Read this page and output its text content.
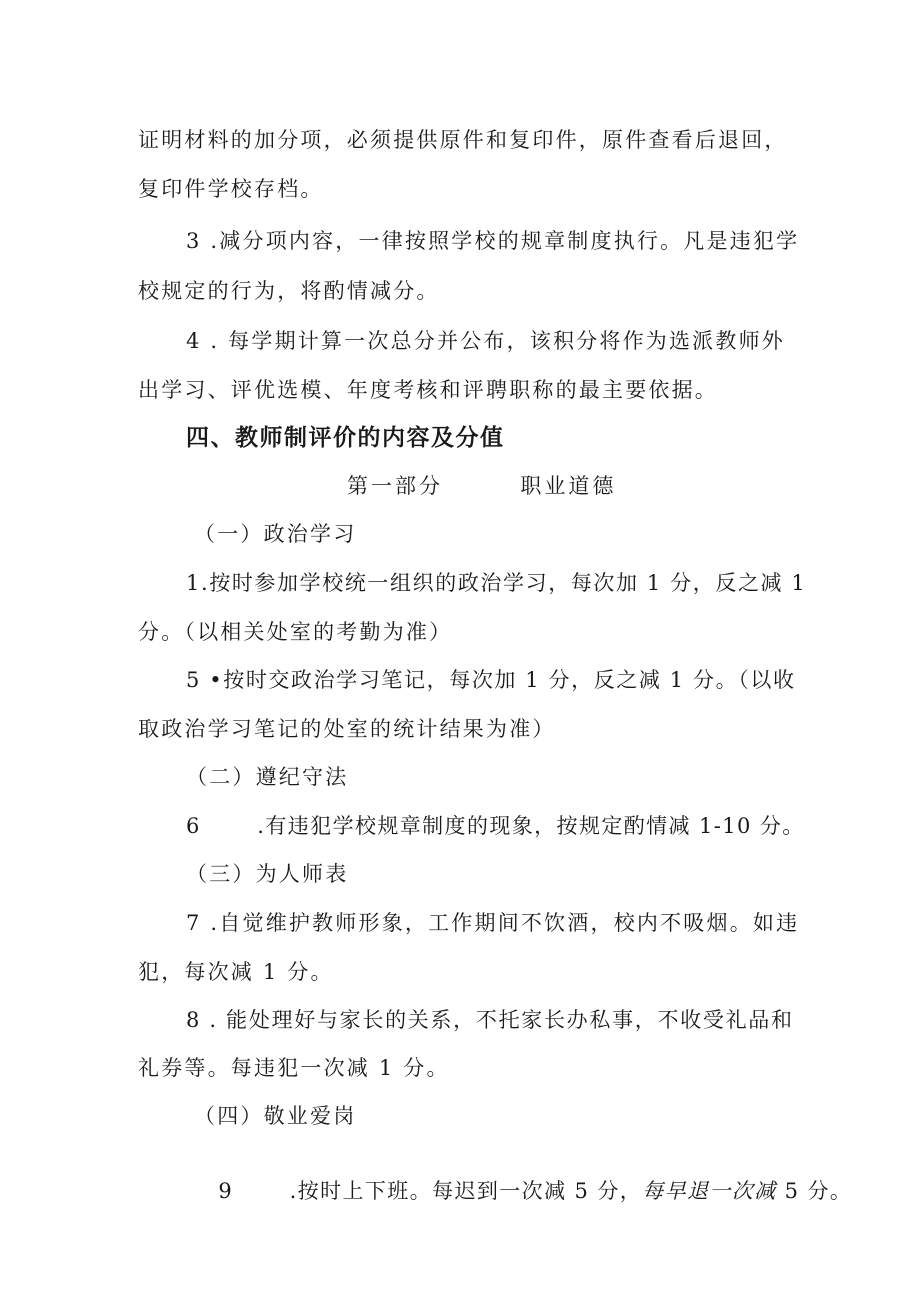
证明材料的加分项，必须提供原件和复印件，原件查看后退回，
复印件学校存档。
3 .减分项内容，一律按照学校的规章制度执行。凡是违犯学
校规定的行为，将酌情减分。
4 . 每学期计算一次总分并公布，该积分将作为选派教师外
出学习、评优选模、年度考核和评聘职称的最主要依据。
四、教师制评价的内容及分值
第一部分        职业道德
（一）政治学习
1.按时参加学校统一组织的政治学习，每次加 1 分，反之减 1
分。（以相关处室的考勤为准）
5 •按时交政治学习笔记，每次加 1 分，反之减 1 分。（以收
取政治学习笔记的处室的统计结果为准）
（二）遵纪守法
6       .有违犯学校规章制度的现象，按规定酌情减 1-10 分。
（三）为人师表
7 .自觉维护教师形象，工作期间不饮酒，校内不吸烟。如违
犯，每次减 1 分。
8 . 能处理好与家长的关系，不托家长办私事，不收受礼品和
礼券等。每违犯一次减 1 分。
（四）敬业爱岗

9       .按时上下班。每迟到一次减 5 分，每早退一次减 5 分。
